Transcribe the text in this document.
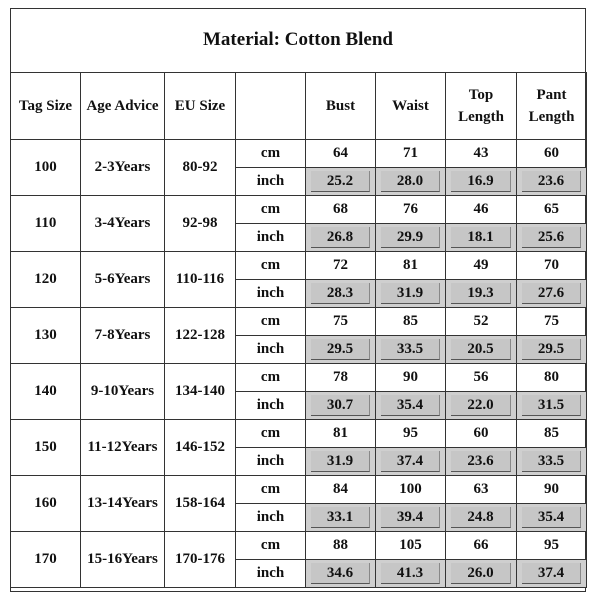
Material: Cotton Blend
Tag Size	Age Advice	EU Size		Bust	Waist	Top Length	Pant Length
100	2-3Years	80-92	cm	64	71	43	60
			inch	25.2	28.0	16.9	23.6
110	3-4Years	92-98	cm	68	76	46	65
			inch	26.8	29.9	18.1	25.6
120	5-6Years	110-116	cm	72	81	49	70
			inch	28.3	31.9	19.3	27.6
130	7-8Years	122-128	cm	75	85	52	75
			inch	29.5	33.5	20.5	29.5
140	9-10Years	134-140	cm	78	90	56	80
			inch	30.7	35.4	22.0	31.5
150	11-12Years	146-152	cm	81	95	60	85
			inch	31.9	37.4	23.6	33.5
160	13-14Years	158-164	cm	84	100	63	90
			inch	33.1	39.4	24.8	35.4
170	15-16Years	170-176	cm	88	105	66	95
			inch	34.6	41.3	26.0	37.4
